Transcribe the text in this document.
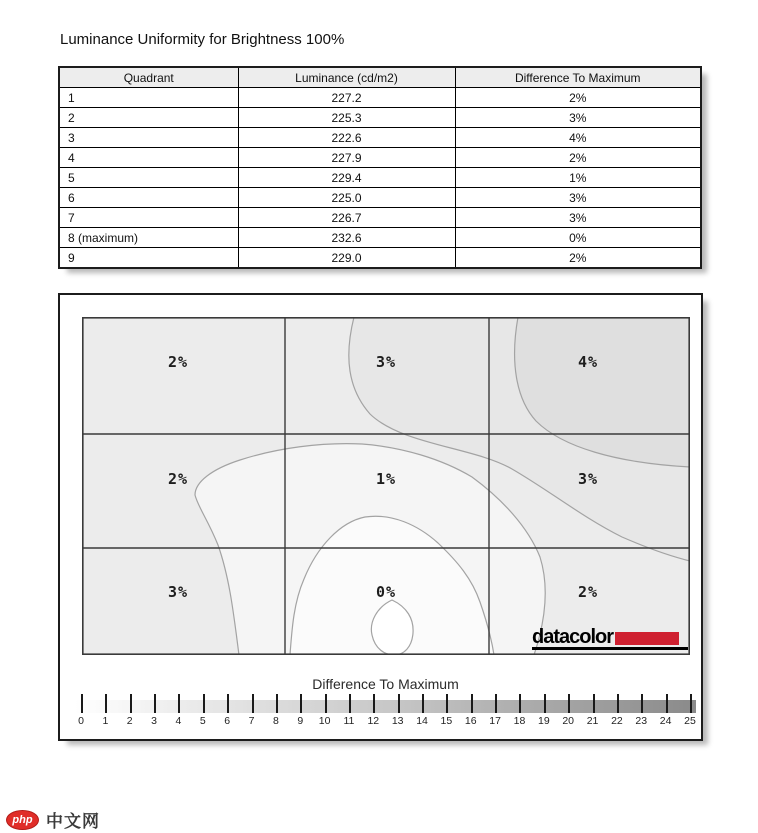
Luminance Uniformity for Brightness 100%
Quadrant	Luminance (cd/m2)	Difference To Maximum
1	227.2	2%
2	225.3	3%
3	222.6	4%
4	227.9	2%
5	229.4	1%
6	225.0	3%
7	226.7	3%
8 (maximum)	232.6	0%
9	229.0	2%
2%	3%	4%
2%	1%	3%
3%	0%	2%
datacolor
Difference To Maximum
0	1	2	3	4	5	6	7	8	9	10	11	12	13	14	15	16	17	18	19	20	21	22	23	24	25
php 中文网
